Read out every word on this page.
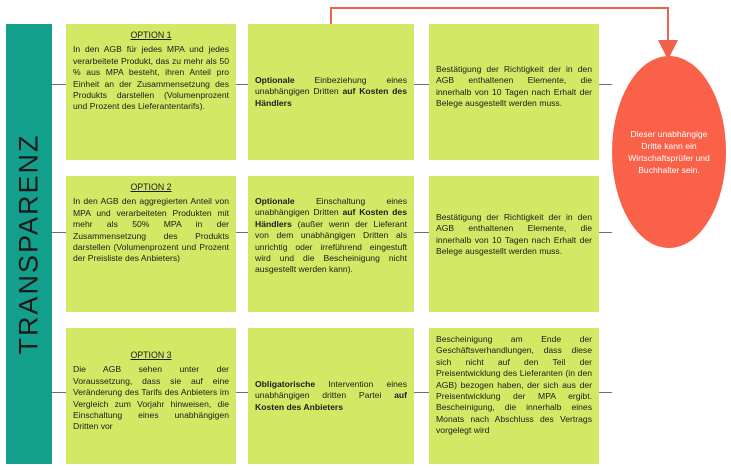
TRANSPARENZ
OPTION 1
In den AGB für jedes MPA und jedes verarbeitete Produkt, das zu mehr als 50 % aus MPA besteht, ihren Anteil pro Einheit an der Zusammensetzung des Produkts darstellen (Volumenprozent und Prozent des Lieferantentarifs).
Optionale Einbeziehung eines unabhängigen Dritten auf Kosten des Händlers
Bestätigung der Richtigkeit der in den AGB enthaltenen Elemente, die innerhalb von 10 Tagen nach Erhalt der Belege ausgestellt werden muss.
OPTION 2
In den AGB den aggregierten Anteil von MPA und verarbeiteten Produkten mit mehr als 50% MPA in der Zusammensetzung des Produkts darstellen (Volumenprozent und Prozent der Preisliste des Anbieters)
Optionale Einschaltung eines unabhängigen Dritten auf Kosten des Händlers (außer wenn der Lieferant von dem unabhängigen Dritten als unrichtig oder irreführend eingestuft wird und die Bescheinigung nicht ausgestellt werden kann).
Bestätigung der Richtigkeit der in den AGB enthaltenen Elemente, die innerhalb von 10 Tagen nach Erhalt der Belege ausgestellt werden muss.
OPTION 3
Die AGB sehen unter der Voraussetzung, dass sie auf eine Veränderung des Tarifs des Anbieters im Vergleich zum Vorjahr hinweisen, die Einschaltung eines unabhängigen Dritten vor
Obligatorische Intervention eines unabhängigen dritten Partei auf Kosten des Anbieters
Bescheinigung am Ende der Geschäftsverhandlungen, dass diese sich nicht auf den Teil der Preisentwicklung des Lieferanten (in den AGB) bezogen haben, der sich aus der Preisentwicklung der MPA ergibt. Bescheinigung, die innerhalb eines Monats nach Abschluss des Vertrags vorgelegt wird
Dieser unabhängige Dritte kann ein Wirtschaftsprüfer und Buchhalter sein.
